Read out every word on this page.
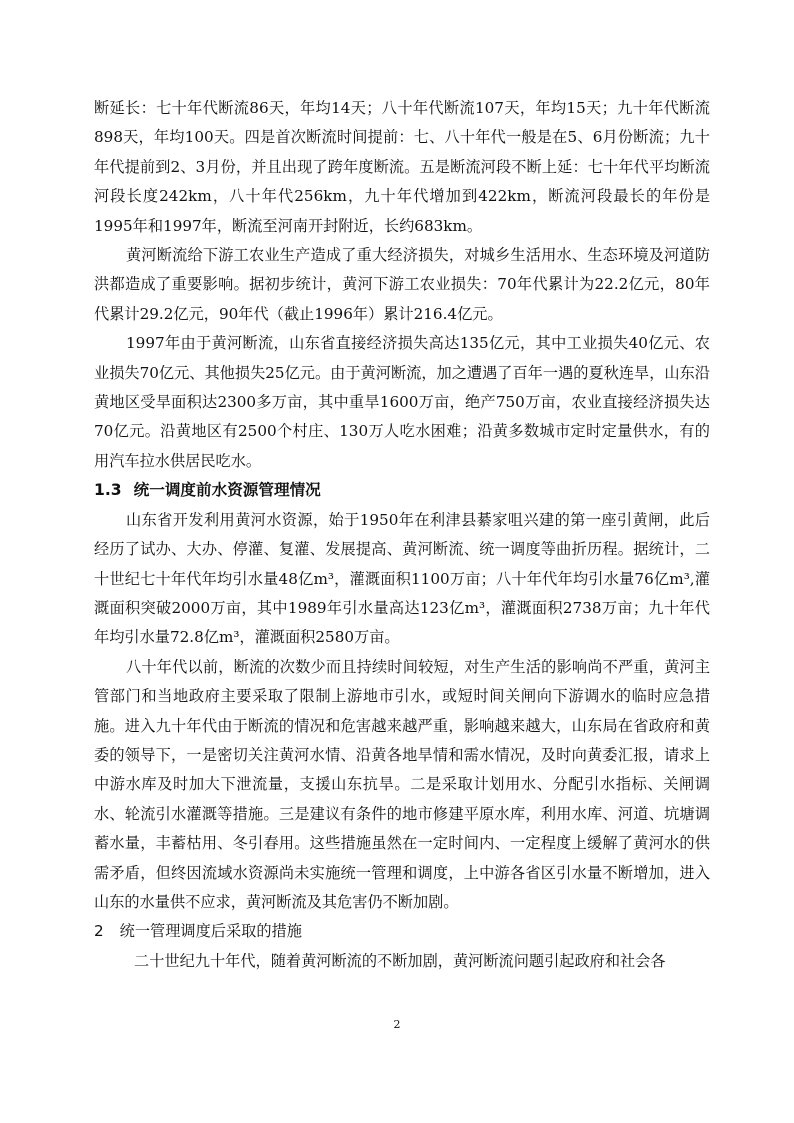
断延长：七十年代断流86天，年均14天；八十年代断流107天，年均15天；九十年代断流898天，年均100天。四是首次断流时间提前：七、八十年代一般是在5、6月份断流；九十年代提前到2、3月份，并且出现了跨年度断流。五是断流河段不断上延：七十年代平均断流河段长度242km，八十年代256km，九十年代增加到422km，断流河段最长的年份是1995年和1997年，断流至河南开封附近，长约683km。

黄河断流给下游工农业生产造成了重大经济损失，对城乡生活用水、生态环境及河道防洪都造成了重要影响。据初步统计，黄河下游工农业损失：70年代累计为22.2亿元，80年代累计29.2亿元，90年代（截止1996年）累计216.4亿元。

1997年由于黄河断流，山东省直接经济损失高达135亿元，其中工业损失40亿元、农业损失70亿元、其他损失25亿元。由于黄河断流，加之遭遇了百年一遇的夏秋连旱，山东沿黄地区受旱面积达2300多万亩，其中重旱1600万亩，绝产750万亩，农业直接经济损失达70亿元。沿黄地区有2500个村庄、130万人吃水困难；沿黄多数城市定时定量供水，有的用汽车拉水供居民吃水。

1.3 统一调度前水资源管理情况

山东省开发利用黄河水资源，始于1950年在利津县綦家咀兴建的第一座引黄闸，此后经历了试办、大办、停灌、复灌、发展提高、黄河断流、统一调度等曲折历程。据统计，二十世纪七十年代年均引水量48亿m³，灌溉面积1100万亩；八十年代年均引水量76亿m³,灌溉面积突破2000万亩，其中1989年引水量高达123亿m³，灌溉面积2738万亩；九十年代年均引水量72.8亿m³，灌溉面积2580万亩。

八十年代以前，断流的次数少而且持续时间较短，对生产生活的影响尚不严重，黄河主管部门和当地政府主要采取了限制上游地市引水，或短时间关闸向下游调水的临时应急措施。进入九十年代由于断流的情况和危害越来越严重，影响越来越大，山东局在省政府和黄委的领导下，一是密切关注黄河水情、沿黄各地旱情和需水情况，及时向黄委汇报，请求上中游水库及时加大下泄流量，支援山东抗旱。二是采取计划用水、分配引水指标、关闸调水、轮流引水灌溉等措施。三是建议有条件的地市修建平原水库，利用水库、河道、坑塘调蓄水量，丰蓄枯用、冬引春用。这些措施虽然在一定时间内、一定程度上缓解了黄河水的供需矛盾，但终因流域水资源尚未实施统一管理和调度，上中游各省区引水量不断增加，进入山东的水量供不应求，黄河断流及其危害仍不断加剧。

2 统一管理调度后采取的措施

二十世纪九十年代，随着黄河断流的不断加剧，黄河断流问题引起政府和社会各

2
